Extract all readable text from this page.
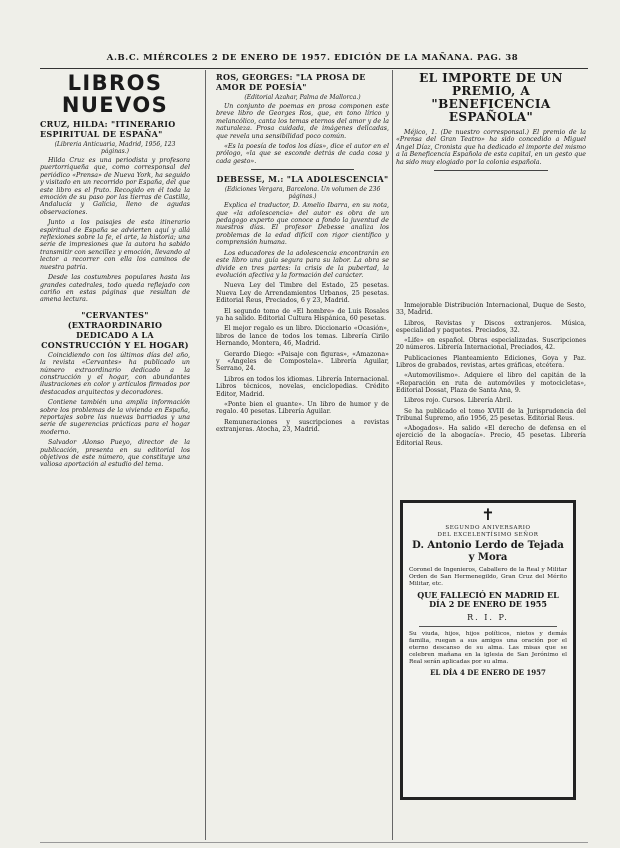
A.B.C. MIÉRCOLES 2 DE ENERO DE 1957. EDICIÓN DE LA MAÑANA. PAG. 38
LIBROS NUEVOS
CRUZ, HILDA: "ITINERARIO ESPIRITUAL DE ESPAÑA"
(Libreria Anticuaria, Madrid, 1956, 123 páginas.)

Hilda Cruz es una periodista y profesora puertorriqueña que, como corresponsal del periódico «Prensa» de Nueva York, ha seguido y visitado en un recorrido por España, del que este libro es el fruto. Recogido en él toda la emoción de su paso por las tierras de Castilla, Andalucía y Galicia, lleno de agudas observaciones.

Junto a los paisajes de esta itinerario espiritual de España se advierten aquí y allá reflexiones sobre la fe, el arte, la historia; una serie de impresiones que la autora ha sabido transmitir con sencillez y emoción, llevando al lector a recorrer con ella los caminos de nuestra patria.

Desde las costumbres populares hasta las grandes catedrales, todo queda reflejado con cariño en estas páginas que resultan de amena lectura.

"CERVANTES" (EXTRAORDINARIO DEDICADO A LA CONSTRUCCIÓN Y EL HOGAR)

Coincidiendo con los últimos días del año, la revista «Cervantes» ha publicado un número extraordinario dedicado a la construcción y el hogar, con abundantes ilustraciones en color y artículos firmados por destacados arquitectos y decoradores.

Contiene también una amplia información sobre los problemas de la vivienda en España, reportajes sobre las nuevas barriadas y una serie de sugerencias prácticas para el hogar moderno.

Salvador Alonso Pueyo, director de la publicación, presenta en su editorial los objetivos de este número, que constituye una valiosa aportación al estudio del tema.

ROS, GEORGES: "LA PROSA DE AMOR DE POESÍA"
(Editorial Azahar, Palma de Mallorca.)

Un conjunto de poemas en prosa componen este breve libro de Georges Ros, que, en tono lírico y melancólico, canta los temas eternos del amor y de la naturaleza. Prosa cuidada, de imágenes delicadas, que revela una sensibilidad poco común.

«Es la poesía de todos los días», dice el autor en el prólogo, «la que se esconde detrás de cada cosa y cada gesto».

DEBESSE, M.: "LA ADOLESCENCIA"
(Ediciones Vergara, Barcelona. Un volumen de 236 páginas.)

Explica el traductor, D. Amelio Ibarra, en su nota, que «la adolescencia» del autor es obra de un pedagogo experto que conoce a fondo la juventud de nuestros días. El profesor Debesse analiza los problemas de la edad difícil con rigor científico y comprensión humana.

Los educadores de la adolescencia encontrarán en este libro una guía segura para su labor. La obra se divide en tres partes: la crisis de la pubertad, la evolución afectiva y la formación del carácter.

Nueva Ley del Timbre del Estado, 25 pesetas. Nueva Ley de Arrendamientos Urbanos, 25 pesetas. Editorial Reus, Preciados, 6 y 23, Madrid.

El segundo tomo de «El hombre» de Luis Rosales ya ha salido. Editorial Cultura Hispánica, 60 pesetas.

El mejor regalo es un libro. Diccionario «Ocasión», libros de lance de todos los temas. Librería Cirilo Hernando, Montera, 46, Madrid.

Gerardo Diego: «Paisaje con figuras», «Amazona» y «Ángeles de Compostela». Librería Aguilar, Serrano, 24.

Libros en todos los idiomas. Librería Internacional. Libros técnicos, novelas, enciclopedias. Crédito Editor, Madrid.

«Ponte bien el guante». Un libro de humor y de regalo. 40 pesetas. Librería Aguilar.

Remuneraciones y suscripciones a revistas extranjeras. Atocha, 23, Madrid.

EL IMPORTE DE UN PREMIO, A "BENEFICENCIA ESPAÑOLA"

Méjico, 1. (De nuestro corresponsal.) El premio de la «Prensa del Gran Teatro» ha sido concedido a Miguel Ángel Díaz, Cronista que ha dedicado el importe del mismo a la Beneficencia Española de esta capital, en un gesto que ha sido muy elogiado por la colonia española.

Inmejorable Distribución Internacional, Duque de Sesto, 33, Madrid.

Libros, Revistas y Discos extranjeros. Música, especialidad y paquetes. Preciados, 32.

«Life» en español. Obras especializadas. Suscripciones 20 números. Librería Internacional, Preciados, 42.

Publicaciones Planteamiento Ediciones, Goya y Paz. Libros de grabados, revistas, artes gráficas, etcétera.

«Automovilismo». Adquiere el libro del capitán de la «Reparación en ruta de automóviles y motocicletas», Editorial Dossat, Plaza de Santa Ana, 9.

Libros rojo. Cursos. Librería Abril.

Se ha publicado el tomo XVIII de la Jurisprudencia del Tribunal Supremo, año 1956, 25 pesetas. Editorial Reus.

«Abogados». Ha salido «El derecho de defensa en el ejercicio de la abogacía». Precio, 45 pesetas. Librería Editorial Reus.

✝
SEGUNDO ANIVERSARIO
DEL EXCELENTÍSIMO SEÑOR
D. Antonio Lerdo de Tejada y Mora
Coronel de Ingenieros, Caballero de la Real y Militar Orden de San Hermenegildo, Gran Cruz del Mérito Militar, etc.
QUE FALLECIÓ EN MADRID EL DÍA 2 DE ENERO DE 1955
R. I. P.
Su viuda, hijos, hijos políticos, nietos y demás familia, ruegan a sus amigos una oración por el eterno descanso de su alma. Las misas que se celebren mañana en la iglesia de San Jerónimo el Real serán aplicadas por su alma.
EL DÍA 4 DE ENERO DE 1957
